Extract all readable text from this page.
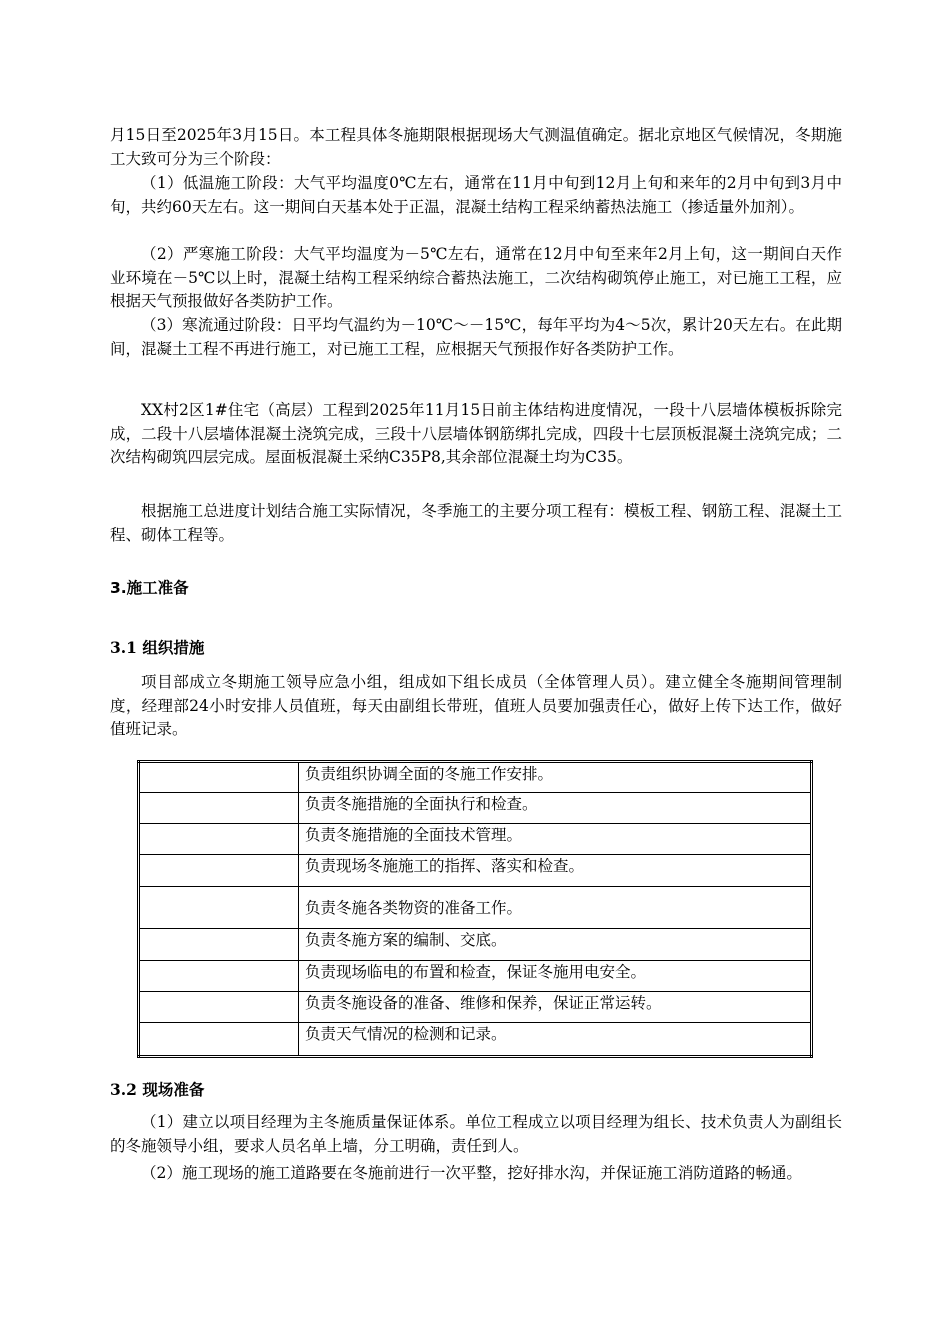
月15日至2025年3月15日。本工程具体冬施期限根据现场大气测温值确定。据北京地区气候情况，冬期施工大致可分为三个阶段：

（1）低温施工阶段：大气平均温度0℃左右，通常在11月中旬到12月上旬和来年的2月中旬到3月中旬，共约60天左右。这一期间白天基本处于正温，混凝土结构工程采纳蓄热法施工（掺适量外加剂）。

（2）严寒施工阶段：大气平均温度为－5℃左右，通常在12月中旬至来年2月上旬，这一期间白天作业环境在－5℃以上时，混凝土结构工程采纳综合蓄热法施工，二次结构砌筑停止施工，对已施工工程，应根据天气预报做好各类防护工作。

（3）寒流通过阶段：日平均气温约为－10℃～－15℃，每年平均为4～5次，累计20天左右。在此期间，混凝土工程不再进行施工，对已施工工程，应根据天气预报作好各类防护工作。

XX村2区1#住宅（高层）工程到2025年11月15日前主体结构进度情况，一段十八层墙体模板拆除完成，二段十八层墙体混凝土浇筑完成，三段十八层墙体钢筋绑扎完成，四段十七层顶板混凝土浇筑完成；二次结构砌筑四层完成。屋面板混凝土采纳C35P8,其余部位混凝土均为C35。

根据施工总进度计划结合施工实际情况，冬季施工的主要分项工程有：模板工程、钢筋工程、混凝土工程、砌体工程等。

3.施工准备
3.1 组织措施

项目部成立冬期施工领导应急小组，组成如下组长成员（全体管理人员）。建立健全冬施期间管理制度，经理部24小时安排人员值班，每天由副组长带班，值班人员要加强责任心，做好上传下达工作，做好值班记录。

	负责组织协调全面的冬施工作安排。
	负责冬施措施的全面执行和检查。
	负责冬施措施的全面技术管理。
	负责现场冬施施工的指挥、落实和检查。
	负责冬施各类物资的准备工作。
	负责冬施方案的编制、交底。
	负责现场临电的布置和检查，保证冬施用电安全。
	负责冬施设备的准备、维修和保养，保证正常运转。
	负责天气情况的检测和记录。
3.2 现场准备

（1）建立以项目经理为主冬施质量保证体系。单位工程成立以项目经理为组长、技术负责人为副组长的冬施领导小组，要求人员名单上墙，分工明确，责任到人。

（2）施工现场的施工道路要在冬施前进行一次平整，挖好排水沟，并保证施工消防道路的畅通。
